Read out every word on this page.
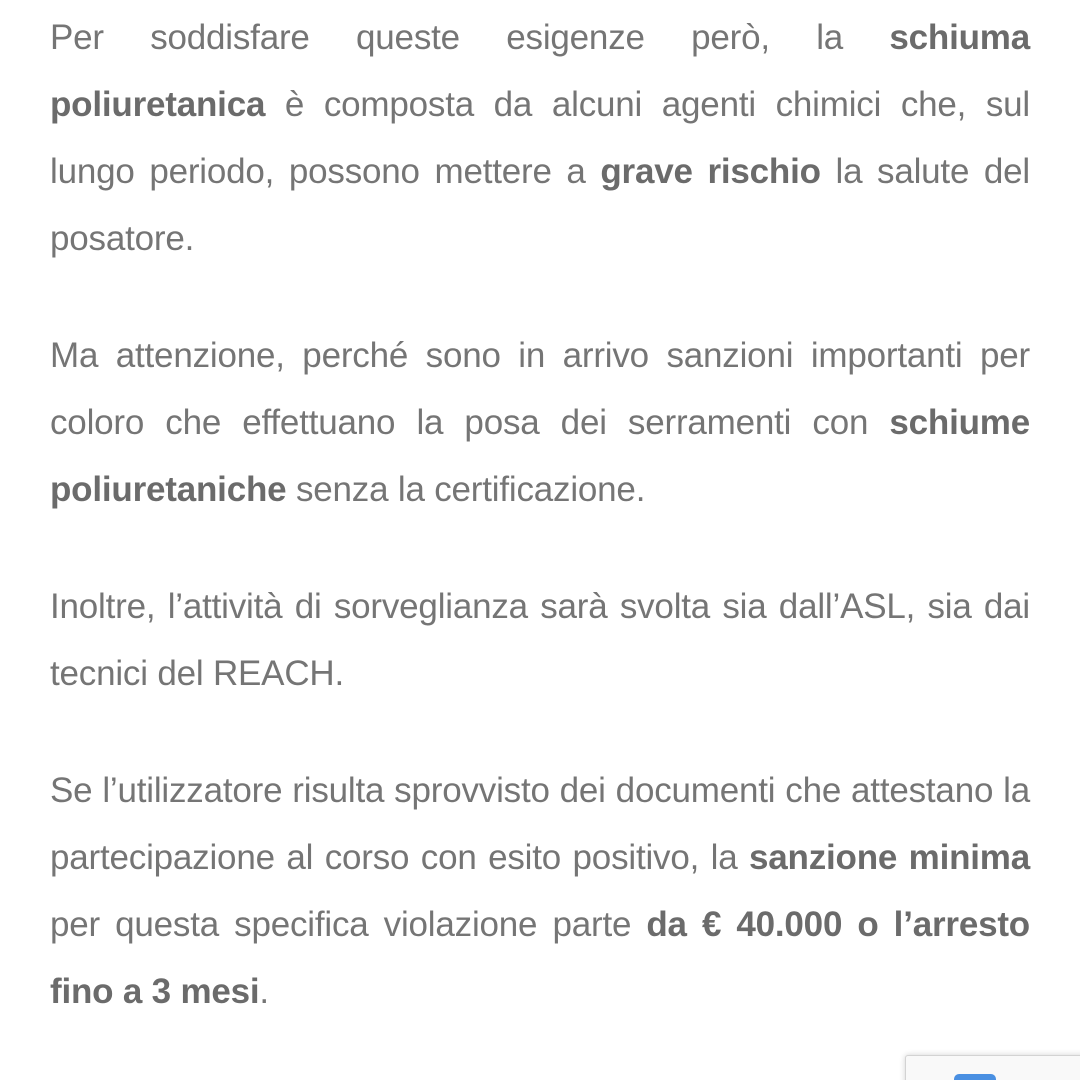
Per soddisfare queste esigenze però, la schiuma poliuretanica è composta da alcuni agenti chimici che, sul lungo periodo, possono mettere a grave rischio la salute del posatore.

Ma attenzione, perché sono in arrivo sanzioni importanti per coloro che effettuano la posa dei serramenti con schiume poliuretaniche senza la certificazione.

Inoltre, l’attività di sorveglianza sarà svolta sia dall’ASL, sia dai tecnici del REACH.

Se l’utilizzatore risulta sprovvisto dei documenti che attestano la partecipazione al corso con esito positivo, la sanzione minima per questa specifica violazione parte da € 40.000 o l’arresto fino a 3 mesi.
